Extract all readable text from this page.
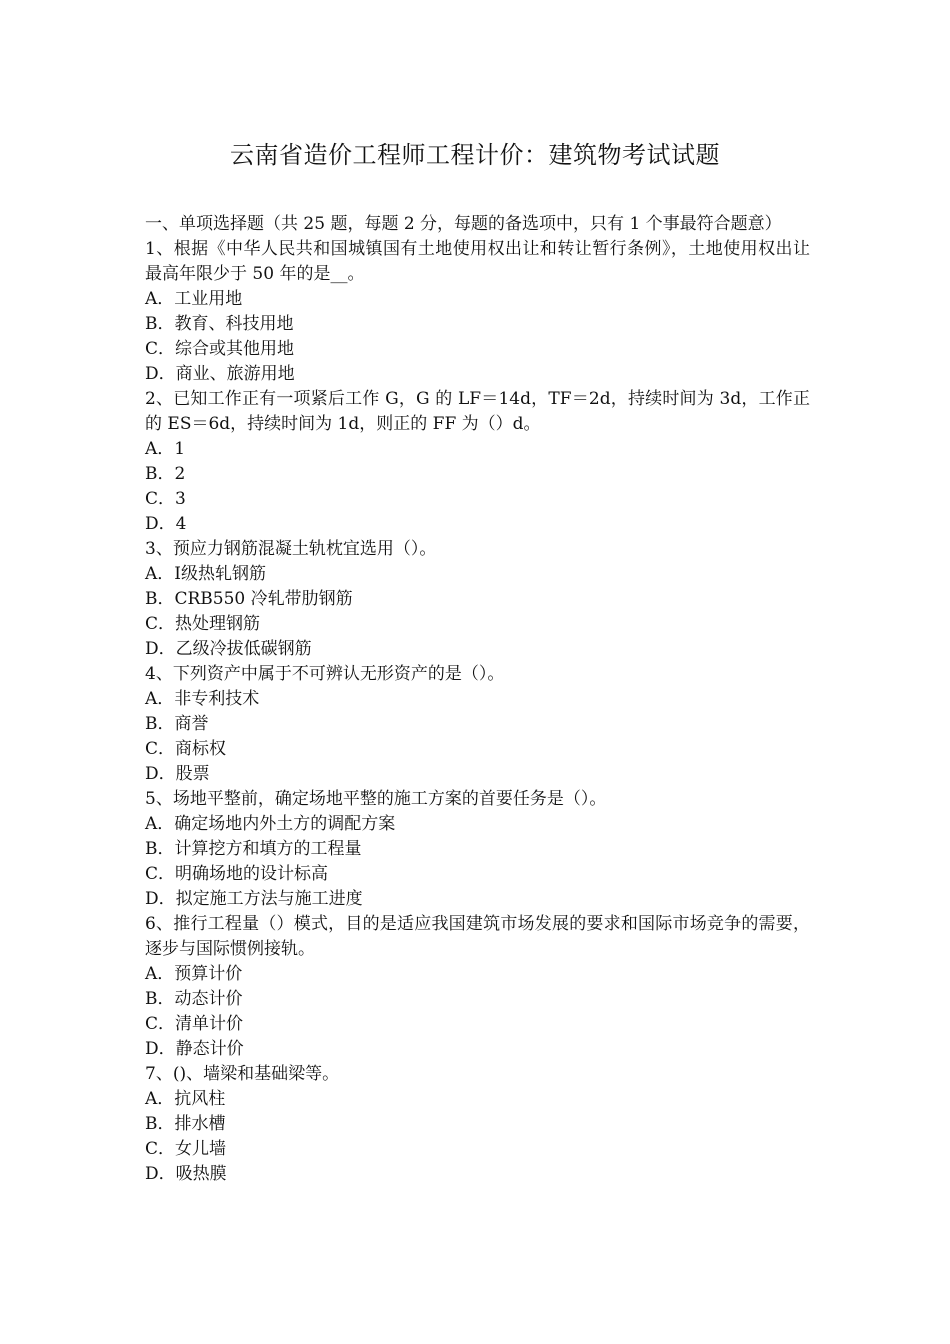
云南省造价工程师工程计价：建筑物考试试题
一、单项选择题（共 25 题，每题 2 分，每题的备选项中，只有 1 个事最符合题意）
1、根据《中华人民共和国城镇国有土地使用权出让和转让暂行条例》，土地使用权出让最高年限少于 50 年的是__。
A．工业用地
B．教育、科技用地
C．综合或其他用地
D．商业、旅游用地
2、已知工作正有一项紧后工作 G，G 的 LF＝14d，TF＝2d，持续时间为 3d，工作正的 ES＝6d，持续时间为 1d，则正的 FF 为（）d。
A．1
B．2
C．3
D．4
3、预应力钢筋混凝土轨枕宜选用（）。
A．Ⅰ级热轧钢筋
B．CRB550 冷轧带肋钢筋
C．热处理钢筋
D．乙级冷拔低碳钢筋
4、下列资产中属于不可辨认无形资产的是（）。
A．非专利技术
B．商誉
C．商标权
D．股票
5、场地平整前，确定场地平整的施工方案的首要任务是（）。
A．确定场地内外土方的调配方案
B．计算挖方和填方的工程量
C．明确场地的设计标高
D．拟定施工方法与施工进度
6、推行工程量（）模式，目的是适应我国建筑市场发展的要求和国际市场竞争的需要，逐步与国际惯例接轨。
A．预算计价
B．动态计价
C．清单计价
D．静态计价
7、()、墙梁和基础梁等。
A．抗风柱
B．排水槽
C．女儿墙
D．吸热膜
